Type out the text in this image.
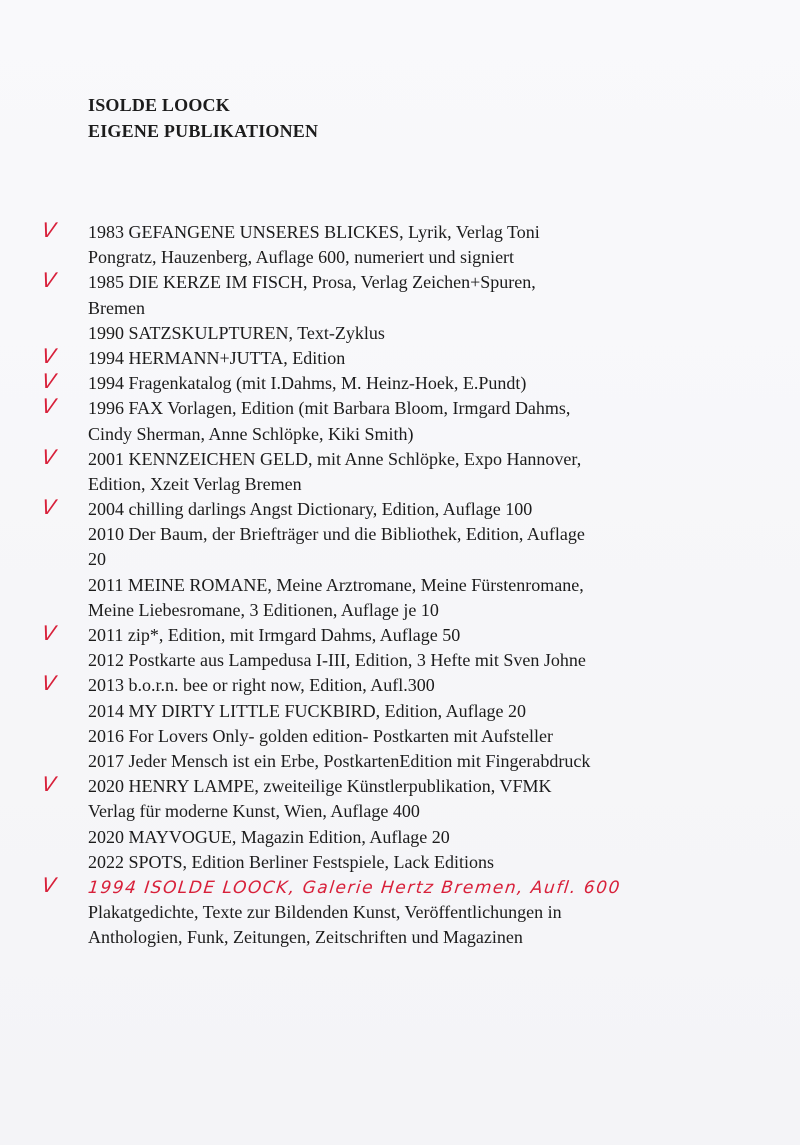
ISOLDE LOOCK
EIGENE PUBLIKATIONEN
V 1983 GEFANGENE UNSERES BLICKES, Lyrik, Verlag Toni
Pongratz, Hauzenberg, Auflage 600, numeriert und signiert
V 1985 DIE KERZE IM FISCH, Prosa, Verlag Zeichen+Spuren,
Bremen
1990 SATZSKULPTUREN, Text-Zyklus
V 1994 HERMANN+JUTTA, Edition
V 1994 Fragenkatalog (mit I.Dahms, M. Heinz-Hoek, E.Pundt)
V 1996 FAX Vorlagen, Edition (mit Barbara Bloom, Irmgard Dahms,
Cindy Sherman, Anne Schlöpke, Kiki Smith)
V 2001 KENNZEICHEN GELD, mit Anne Schlöpke, Expo Hannover,
Edition, Xzeit Verlag Bremen
V 2004 chilling darlings Angst Dictionary, Edition, Auflage 100
2010 Der Baum, der Briefträger und die Bibliothek, Edition, Auflage
20
2011 MEINE ROMANE, Meine Arztromane, Meine Fürstenromane,
Meine Liebesromane, 3 Editionen, Auflage je 10
V 2011 zip*, Edition, mit Irmgard Dahms, Auflage 50
2012 Postkarte aus Lampedusa I-III, Edition, 3 Hefte mit Sven Johne
V 2013 b.o.r.n. bee or right now, Edition, Aufl.300
2014 MY DIRTY LITTLE FUCKBIRD, Edition, Auflage 20
2016 For Lovers Only- golden edition- Postkarten mit Aufsteller
2017 Jeder Mensch ist ein Erbe, PostkartenEdition mit Fingerabdruck
V 2020 HENRY LAMPE, zweiteilige Künstlerpublikation, VFMK
Verlag für moderne Kunst, Wien, Auflage 400
2020 MAYVOGUE, Magazin Edition, Auflage 20
2022 SPOTS, Edition Berliner Festspiele, Lack Editions
V 1994 ISOLDE LOOCK, Galerie Hertz Bremen, Aufl. 600
Plakatgedichte, Texte zur Bildenden Kunst, Veröffentlichungen in
Anthologien, Funk, Zeitungen, Zeitschriften und Magazinen
